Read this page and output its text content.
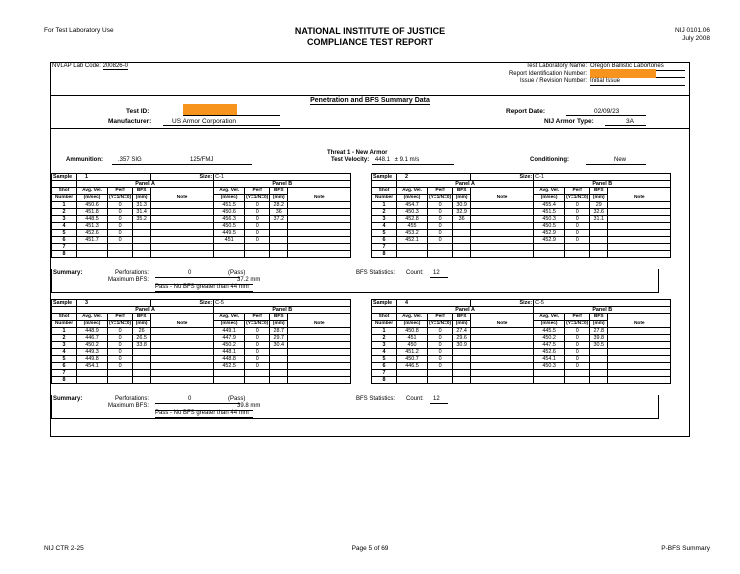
For Test Laboratory Use	NATIONAL INSTITUTE OF JUSTICE
COMPLIANCE TEST REPORT
NIJ 0101.06
July 2008
NVLAP Lab Code: 200826-0	Test Laboratory Name: Oregon Ballistic Labortories
Report Identification Number:
Issue / Revision Number: Initial Issue
Penetration and BFS Summary Data
Test ID:
Manufacturer:	US Armor Corporation
Report Date:	02/09/23
NIJ Armor Type:	3A
Threat 1 - New Armor
Test Velocity: 448.1 ± 9.1 m/s
Ammunition:	.357 SIG	125/FMJ	Conditioning:	New
Sample	1			Size:	C-1			
	Panel A				Panel B			
Shot	Avg. Vel.	Perf	BFS		Avg. Vel.	Perf	BFS	
Number	(m/sec)	(Y=1/N=0)	(mm)	Note	(m/sec)	(Y=1/N=0)	(mm)	Note
1	450.6	0	31.3		451.5	0	28.2	
2	451.8	0	31.4		450.6	0	36	
3	448.5	0	35.2		456.3	0	37.2	
4	451.3	0			450.5	0		
5	452.6	0			449.5	0		
6	451.7	0			451	0		
7								
8								
Sample	2			Size:	C-1			
	Panel A				Panel B			
Shot	Avg. Vel.	Perf	BFS		Avg. Vel.	Perf	BFS	
Number	(m/sec)	(Y=1/N=0)	(mm)	Note	(m/sec)	(Y=1/N=0)	(mm)	Note
1	454.7	0	30.9		455.4	0	29	
2	450.3	0	32.9		451.5	0	32.6	
3	452.8	0	36		450.3	0	31.1	
4	455	0			450.5	0		
5	453.2	0			452.9	0		
6	452.1	0			452.9	0		
7								
8								
Summary:	Perforations:	0	(Pass)
Maximum BFS:	37.2 mm
Pass - No BFS greater than 44 mm
BFS Statistics: Count: 12
Sample	3			Size:	C-5			
	Panel A				Panel B			
Shot	Avg. Vel.	Perf	BFS		Avg. Vel.	Perf	BFS	
Number	(m/sec)	(Y=1/N=0)	(mm)	Note	(m/sec)	(Y=1/N=0)	(mm)	Note
1	448.9	0	26		449.1	0	28.7	
2	446.7	0	26.5		447.9	0	29.7	
3	450.2	0	33.8		450.2	0	30.4	
4	449.3	0			448.1	0		
5	449.8	0			448.8	0		
6	454.1	0			452.5	0		
7								
8								
Sample	4			Size:	C-5			
	Panel A				Panel B			
Shot	Avg. Vel.	Perf	BFS		Avg. Vel.	Perf	BFS	
Number	(m/sec)	(Y=1/N=0)	(mm)	Note	(m/sec)	(Y=1/N=0)	(mm)	Note
1	450.8	0	27.4		445.5	0	27.8	
2	451	0	29.6		450.2	0	39.8	
3	450	0	30.9		447.5	0	30.5	
4	451.2	0			452.6	0		
5	450.7	0			454.1	0		
6	446.5	0			450.3	0		
7								
8								
Summary:	Perforations:	0	(Pass)
Maximum BFS:	39.8 mm
Pass - No BFS greater than 44 mm
BFS Statistics: Count: 12
NIJ CTR 2-25	Page 5 of 69	P-BFS Summary
